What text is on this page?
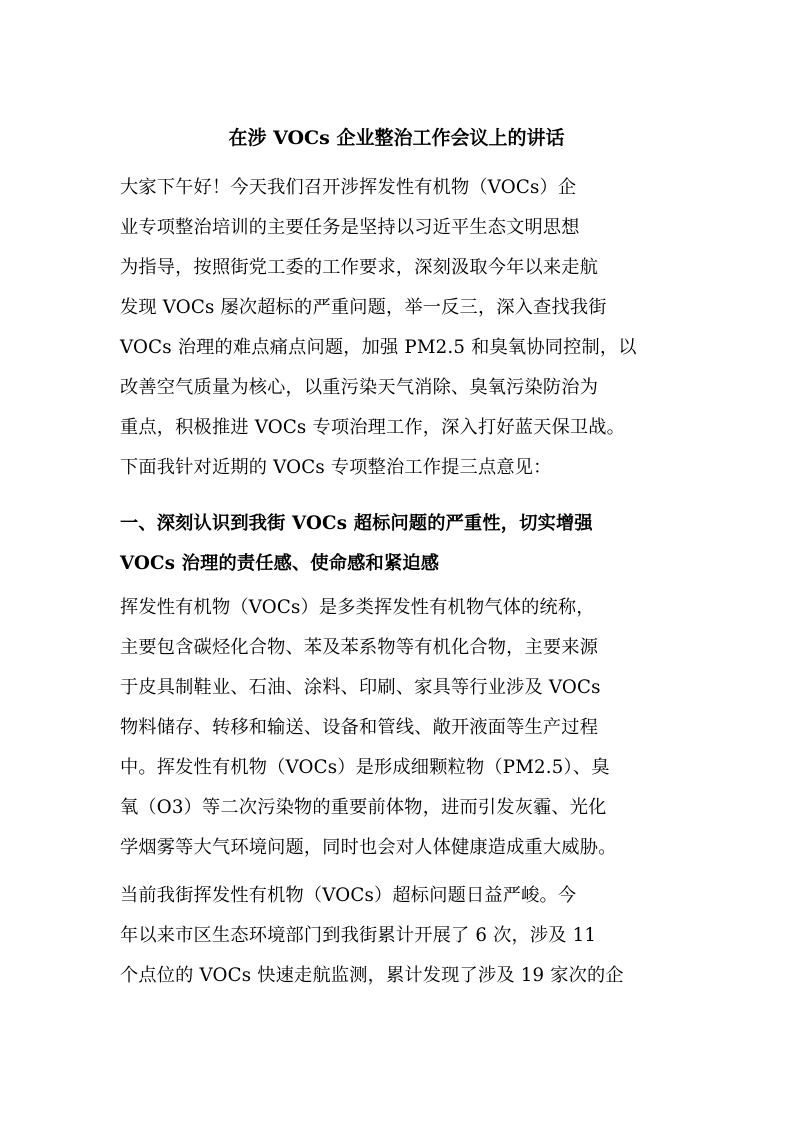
在涉 VOCs 企业整治工作会议上的讲话
大家下午好！今天我们召开涉挥发性有机物（VOCs）企
业专项整治培训的主要任务是坚持以习近平生态文明思想
为指导，按照街党工委的工作要求，深刻汲取今年以来走航
发现 VOCs 屡次超标的严重问题，举一反三，深入查找我街
VOCs 治理的难点痛点问题，加强 PM2.5 和臭氧协同控制，以
改善空气质量为核心，以重污染天气消除、臭氧污染防治为
重点，积极推进 VOCs 专项治理工作，深入打好蓝天保卫战。
下面我针对近期的 VOCs 专项整治工作提三点意见：
一、深刻认识到我街 VOCs 超标问题的严重性，切实增强
VOCs 治理的责任感、使命感和紧迫感
挥发性有机物（VOCs）是多类挥发性有机物气体的统称，
主要包含碳烃化合物、苯及苯系物等有机化合物，主要来源
于皮具制鞋业、石油、涂料、印刷、家具等行业涉及 VOCs
物料储存、转移和输送、设备和管线、敞开液面等生产过程
中。挥发性有机物（VOCs）是形成细颗粒物（PM2.5）、臭
氧（O3）等二次污染物的重要前体物，进而引发灰霾、光化
学烟雾等大气环境问题，同时也会对人体健康造成重大威胁。
当前我街挥发性有机物（VOCs）超标问题日益严峻。今
年以来市区生态环境部门到我街累计开展了 6 次，涉及 11
个点位的 VOCs 快速走航监测，累计发现了涉及 19 家次的企
